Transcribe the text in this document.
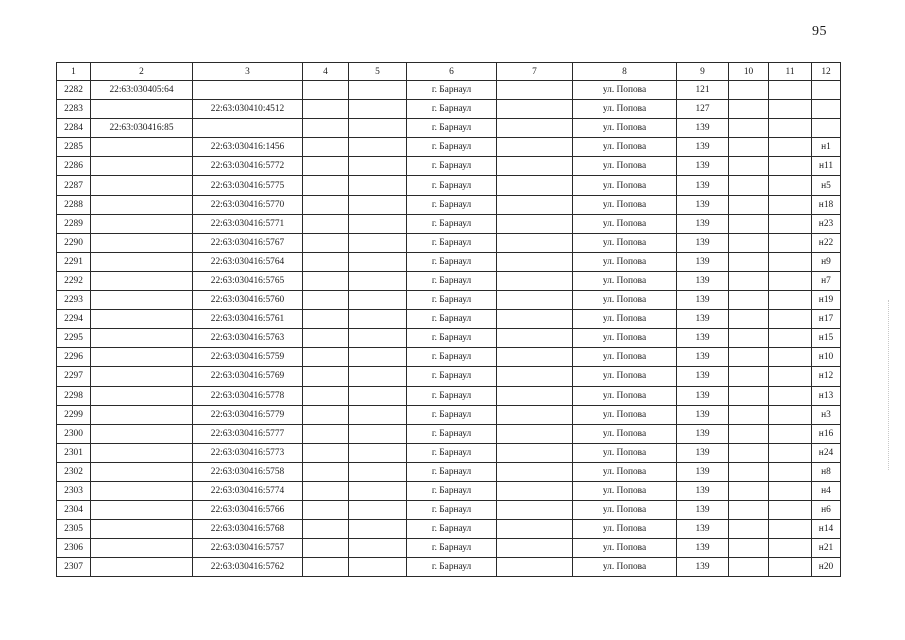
95
1	2	3	4	5	6	7	8	9	10	11	12
2282	22:63:030405:64				г. Барнаул		ул. Попова	121			
2283		22:63:030410:4512			г. Барнаул		ул. Попова	127			
2284	22:63:030416:85				г. Барнаул		ул. Попова	139			
2285		22:63:030416:1456			г. Барнаул		ул. Попова	139			н1
2286		22:63:030416:5772			г. Барнаул		ул. Попова	139			н11
2287		22:63:030416:5775			г. Барнаул		ул. Попова	139			н5
2288		22:63:030416:5770			г. Барнаул		ул. Попова	139			н18
2289		22:63:030416:5771			г. Барнаул		ул. Попова	139			н23
2290		22:63:030416:5767			г. Барнаул		ул. Попова	139			н22
2291		22:63:030416:5764			г. Барнаул		ул. Попова	139			н9
2292		22:63:030416:5765			г. Барнаул		ул. Попова	139			н7
2293		22:63:030416:5760			г. Барнаул		ул. Попова	139			н19
2294		22:63:030416:5761			г. Барнаул		ул. Попова	139			н17
2295		22:63:030416:5763			г. Барнаул		ул. Попова	139			н15
2296		22:63:030416:5759			г. Барнаул		ул. Попова	139			н10
2297		22:63:030416:5769			г. Барнаул		ул. Попова	139			н12
2298		22:63:030416:5778			г. Барнаул		ул. Попова	139			н13
2299		22:63:030416:5779			г. Барнаул		ул. Попова	139			н3
2300		22:63:030416:5777			г. Барнаул		ул. Попова	139			н16
2301		22:63:030416:5773			г. Барнаул		ул. Попова	139			н24
2302		22:63:030416:5758			г. Барнаул		ул. Попова	139			н8
2303		22:63:030416:5774			г. Барнаул		ул. Попова	139			н4
2304		22:63:030416:5766			г. Барнаул		ул. Попова	139			н6
2305		22:63:030416:5768			г. Барнаул		ул. Попова	139			н14
2306		22:63:030416:5757			г. Барнаул		ул. Попова	139			н21
2307		22:63:030416:5762			г. Барнаул		ул. Попова	139			н20
